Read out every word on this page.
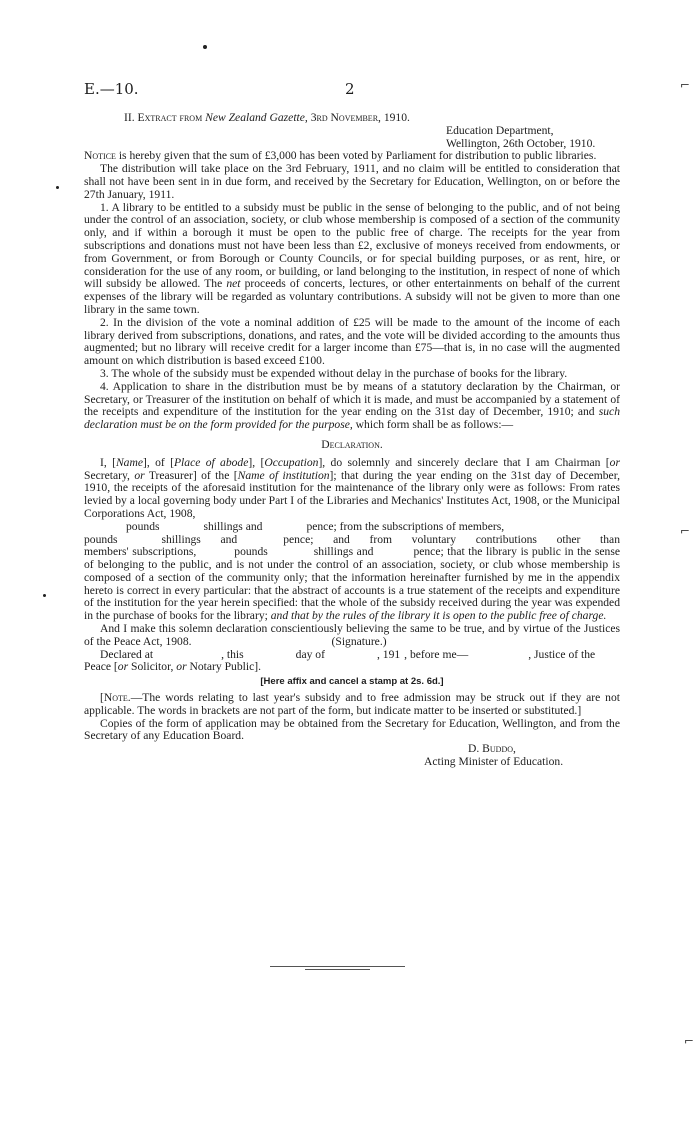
⌐
⌐
⌐
E.—10.	2

II. Extract from New Zealand Gazette, 3rd November, 1910.

Education Department,

Wellington, 26th October, 1910.

Notice is hereby given that the sum of £3,000 has been voted by Parliament for distribution to public libraries.

The distribution will take place on the 3rd February, 1911, and no claim will be entitled to consideration that shall not have been sent in in due form, and received by the Secretary for Education, Wellington, on or before the 27th January, 1911.

1. A library to be entitled to a subsidy must be public in the sense of belonging to the public, and of not being under the control of an association, society, or club whose membership is composed of a section of the community only, and if within a borough it must be open to the public free of charge. The receipts for the year from subscriptions and donations must not have been less than £2, exclusive of moneys received from endowments, or from Government, or from Borough or County Councils, or for special building purposes, or as rent, hire, or consideration for the use of any room, or building, or land belonging to the institution, in respect of none of which will subsidy be allowed. The net proceeds of concerts, lectures, or other entertainments on behalf of the current expenses of the library will be regarded as voluntary contributions. A subsidy will not be given to more than one library in the same town.

2. In the division of the vote a nominal addition of £25 will be made to the amount of the income of each library derived from subscriptions, donations, and rates, and the vote will be divided according to the amounts thus augmented; but no library will receive credit for a larger income than £75—that is, in no case will the augmented amount on which distribution is based exceed £100.

3. The whole of the subsidy must be expended without delay in the purchase of books for the library.

4. Application to share in the distribution must be by means of a statutory declaration by the Chairman, or Secretary, or Treasurer of the institution on behalf of which it is made, and must be accompanied by a statement of the receipts and expenditure of the institution for the year ending on the 31st day of December, 1910; and such declaration must be on the form provided for the purpose, which form shall be as follows:—

Declaration.

I, [Name], of [Place of abode], [Occupation], do solemnly and sincerely declare that I am Chairman [or Secretary, or Treasurer] of the [Name of institution]; that during the year ending on the 31st day of December, 1910, the receipts of the aforesaid institution for the maintenance of the library only were as follows: From rates levied by a local governing body under Part I of the Libraries and Mechanics' Institutes Act, 1908, or the Municipal Corporations Act, 1908,

pounds	shillings and	pence; from the subscriptions of members,

pounds	shillings and	pence; and from voluntary contributions other than

members' subscriptions,	pounds	shillings and	pence; that the library is public in the sense of belonging to the public, and is not under the control of an association, society, or club whose membership is composed of a section of the community only; that the information hereinafter furnished by me in the appendix hereto is correct in every particular: that the abstract of accounts is a true statement of the receipts and expenditure of the institution for the year herein specified: that the whole of the subsidy received during the year was expended in the purchase of books for the library; and that by the rules of the library it is open to the public free of charge.

And I make this solemn declaration conscientiously believing the same to be true, and by virtue of the Justices of the Peace Act, 1908.	(Signature.)

Declared at	, this	day of	, 191 , before me—	, Justice of the

Peace [or Solicitor, or Notary Public].

[Here affix and cancel a stamp at 2s. 6d.]

[Note.—The words relating to last year's subsidy and to free admission may be struck out if they are not applicable. The words in brackets are not part of the form, but indicate matter to be inserted or substituted.]

Copies of the form of application may be obtained from the Secretary for Education, Wellington, and from the Secretary of any Education Board.

D. Buddo,

Acting Minister of Education.
